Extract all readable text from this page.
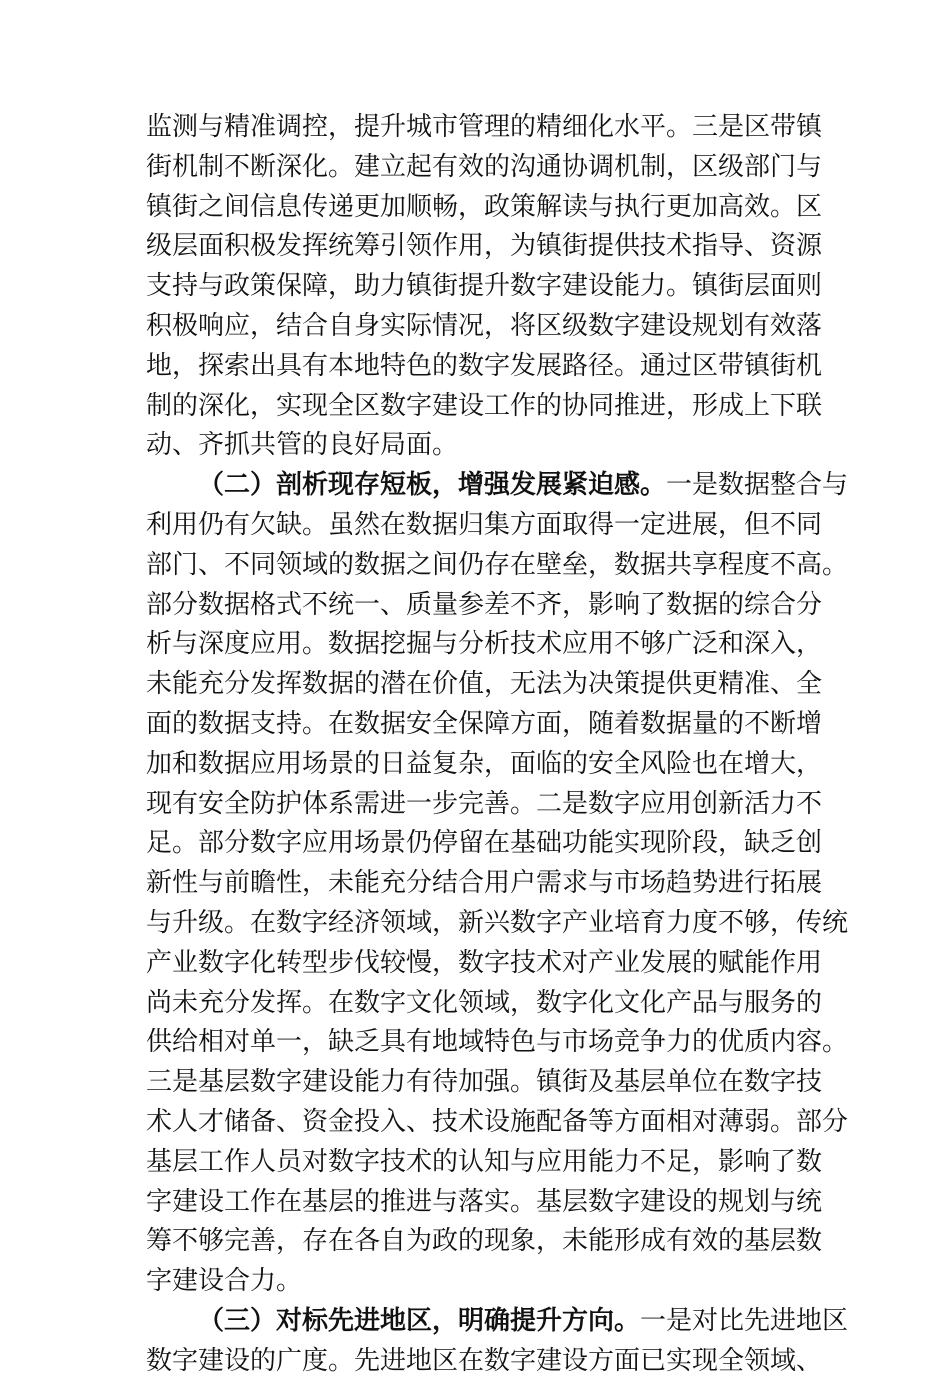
监测与精准调控，提升城市管理的精细化水平。三是区带镇
街机制不断深化。建立起有效的沟通协调机制，区级部门与
镇街之间信息传递更加顺畅，政策解读与执行更加高效。区
级层面积极发挥统筹引领作用，为镇街提供技术指导、资源
支持与政策保障，助力镇街提升数字建设能力。镇街层面则
积极响应，结合自身实际情况，将区级数字建设规划有效落
地，探索出具有本地特色的数字发展路径。通过区带镇街机
制的深化，实现全区数字建设工作的协同推进，形成上下联
动、齐抓共管的良好局面。
（二）剖析现存短板，增强发展紧迫感。一是数据整合与
利用仍有欠缺。虽然在数据归集方面取得一定进展，但不同
部门、不同领域的数据之间仍存在壁垒，数据共享程度不高。
部分数据格式不统一、质量参差不齐，影响了数据的综合分
析与深度应用。数据挖掘与分析技术应用不够广泛和深入，
未能充分发挥数据的潜在价值，无法为决策提供更精准、全
面的数据支持。在数据安全保障方面，随着数据量的不断增
加和数据应用场景的日益复杂，面临的安全风险也在增大，
现有安全防护体系需进一步完善。二是数字应用创新活力不
足。部分数字应用场景仍停留在基础功能实现阶段，缺乏创
新性与前瞻性，未能充分结合用户需求与市场趋势进行拓展
与升级。在数字经济领域，新兴数字产业培育力度不够，传统
产业数字化转型步伐较慢，数字技术对产业发展的赋能作用
尚未充分发挥。在数字文化领域，数字化文化产品与服务的
供给相对单一，缺乏具有地域特色与市场竞争力的优质内容。
三是基层数字建设能力有待加强。镇街及基层单位在数字技
术人才储备、资金投入、技术设施配备等方面相对薄弱。部分
基层工作人员对数字技术的认知与应用能力不足，影响了数
字建设工作在基层的推进与落实。基层数字建设的规划与统
筹不够完善，存在各自为政的现象，未能形成有效的基层数
字建设合力。
（三）对标先进地区，明确提升方向。一是对比先进地区
数字建设的广度。先进地区在数字建设方面已实现全领域、
